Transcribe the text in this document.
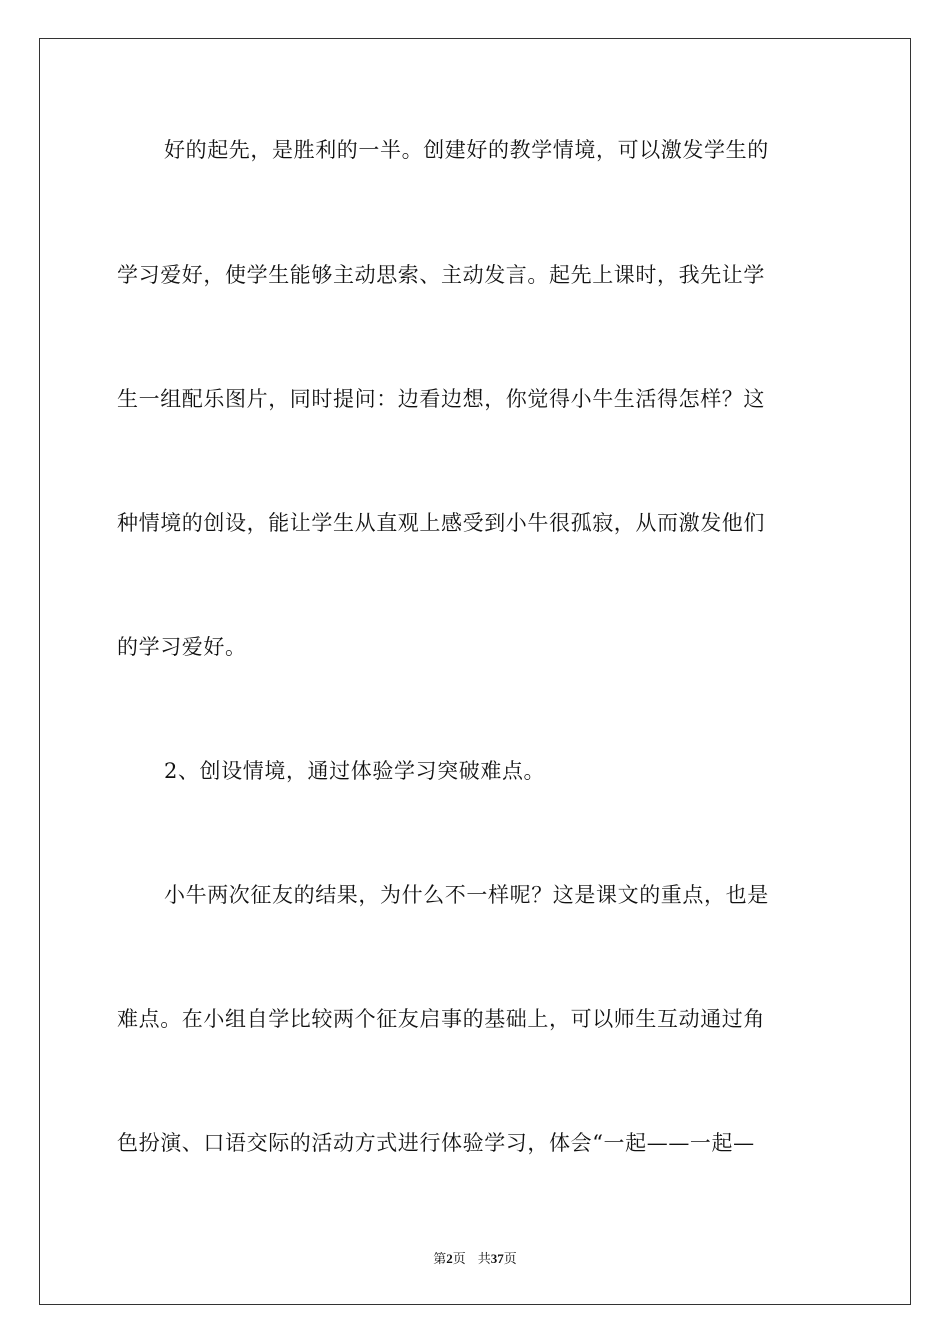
好的起先，是胜利的一半。创建好的教学情境，可以激发学生的
学习爱好，使学生能够主动思索、主动发言。起先上课时，我先让学
生一组配乐图片，同时提问：边看边想，你觉得小牛生活得怎样？这
种情境的创设，能让学生从直观上感受到小牛很孤寂，从而激发他们
的学习爱好。
2、创设情境，通过体验学习突破难点。
小牛两次征友的结果，为什么不一样呢？这是课文的重点，也是
难点。在小组自学比较两个征友启事的基础上，可以师生互动通过角
色扮演、口语交际的活动方式进行体验学习，体会“一起——一起—
第2页 共37页
